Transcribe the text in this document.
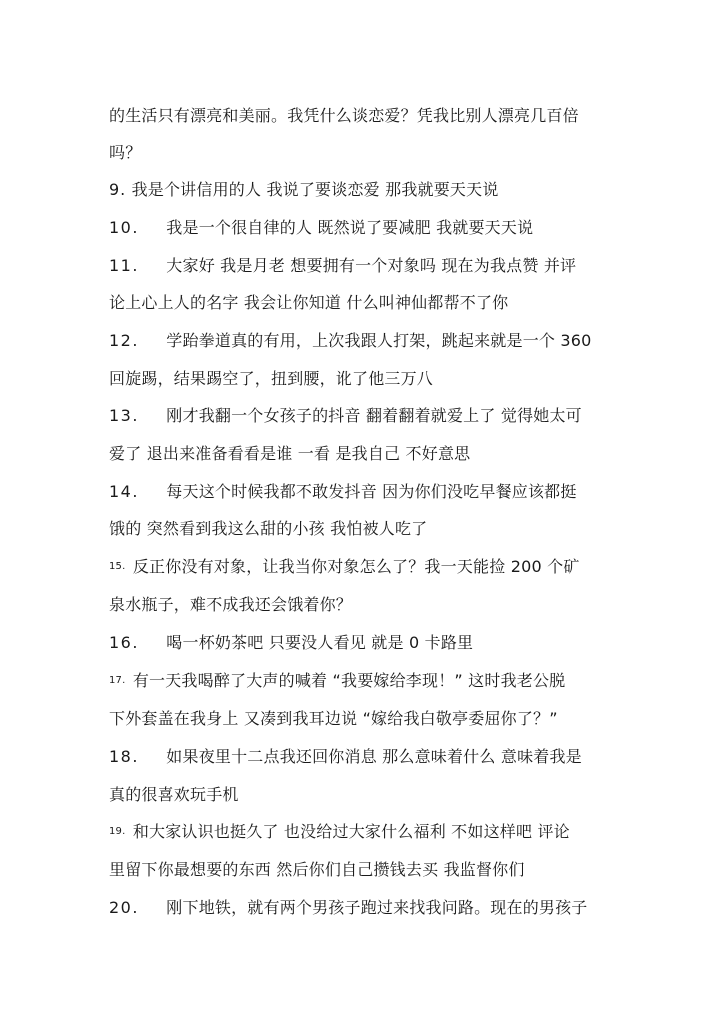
的生活只有漂亮和美丽。我凭什么谈恋爱？凭我比别人漂亮几百倍
吗？
9. 我是个讲信用的人 我说了要谈恋爱 那我就要天天说
10. 我是一个很自律的人 既然说了要减肥 我就要天天说
11. 大家好 我是月老 想要拥有一个对象吗 现在为我点赞 并评
论上心上人的名字 我会让你知道 什么叫神仙都帮不了你
12. 学跆拳道真的有用，上次我跟人打架，跳起来就是一个 360
回旋踢，结果踢空了，扭到腰，讹了他三万八
13. 刚才我翻一个女孩子的抖音 翻着翻着就爱上了 觉得她太可
爱了 退出来准备看看是谁 一看 是我自己 不好意思
14. 每天这个时候我都不敢发抖音 因为你们没吃早餐应该都挺
饿的 突然看到我这么甜的小孩 我怕被人吃了
15. 反正你没有对象，让我当你对象怎么了？我一天能捡 200 个矿
泉水瓶子，难不成我还会饿着你？
16. 喝一杯奶茶吧 只要没人看见 就是 0 卡路里
17. 有一天我喝醉了大声的喊着 “我要嫁给李现！” 这时我老公脱
下外套盖在我身上 又凑到我耳边说 “嫁给我白敬亭委屈你了？”
18. 如果夜里十二点我还回你消息 那么意味着什么 意味着我是
真的很喜欢玩手机
19. 和大家认识也挺久了 也没给过大家什么福利 不如这样吧 评论
里留下你最想要的东西 然后你们自己攒钱去买 我监督你们
20. 刚下地铁，就有两个男孩子跑过来找我问路。现在的男孩子
